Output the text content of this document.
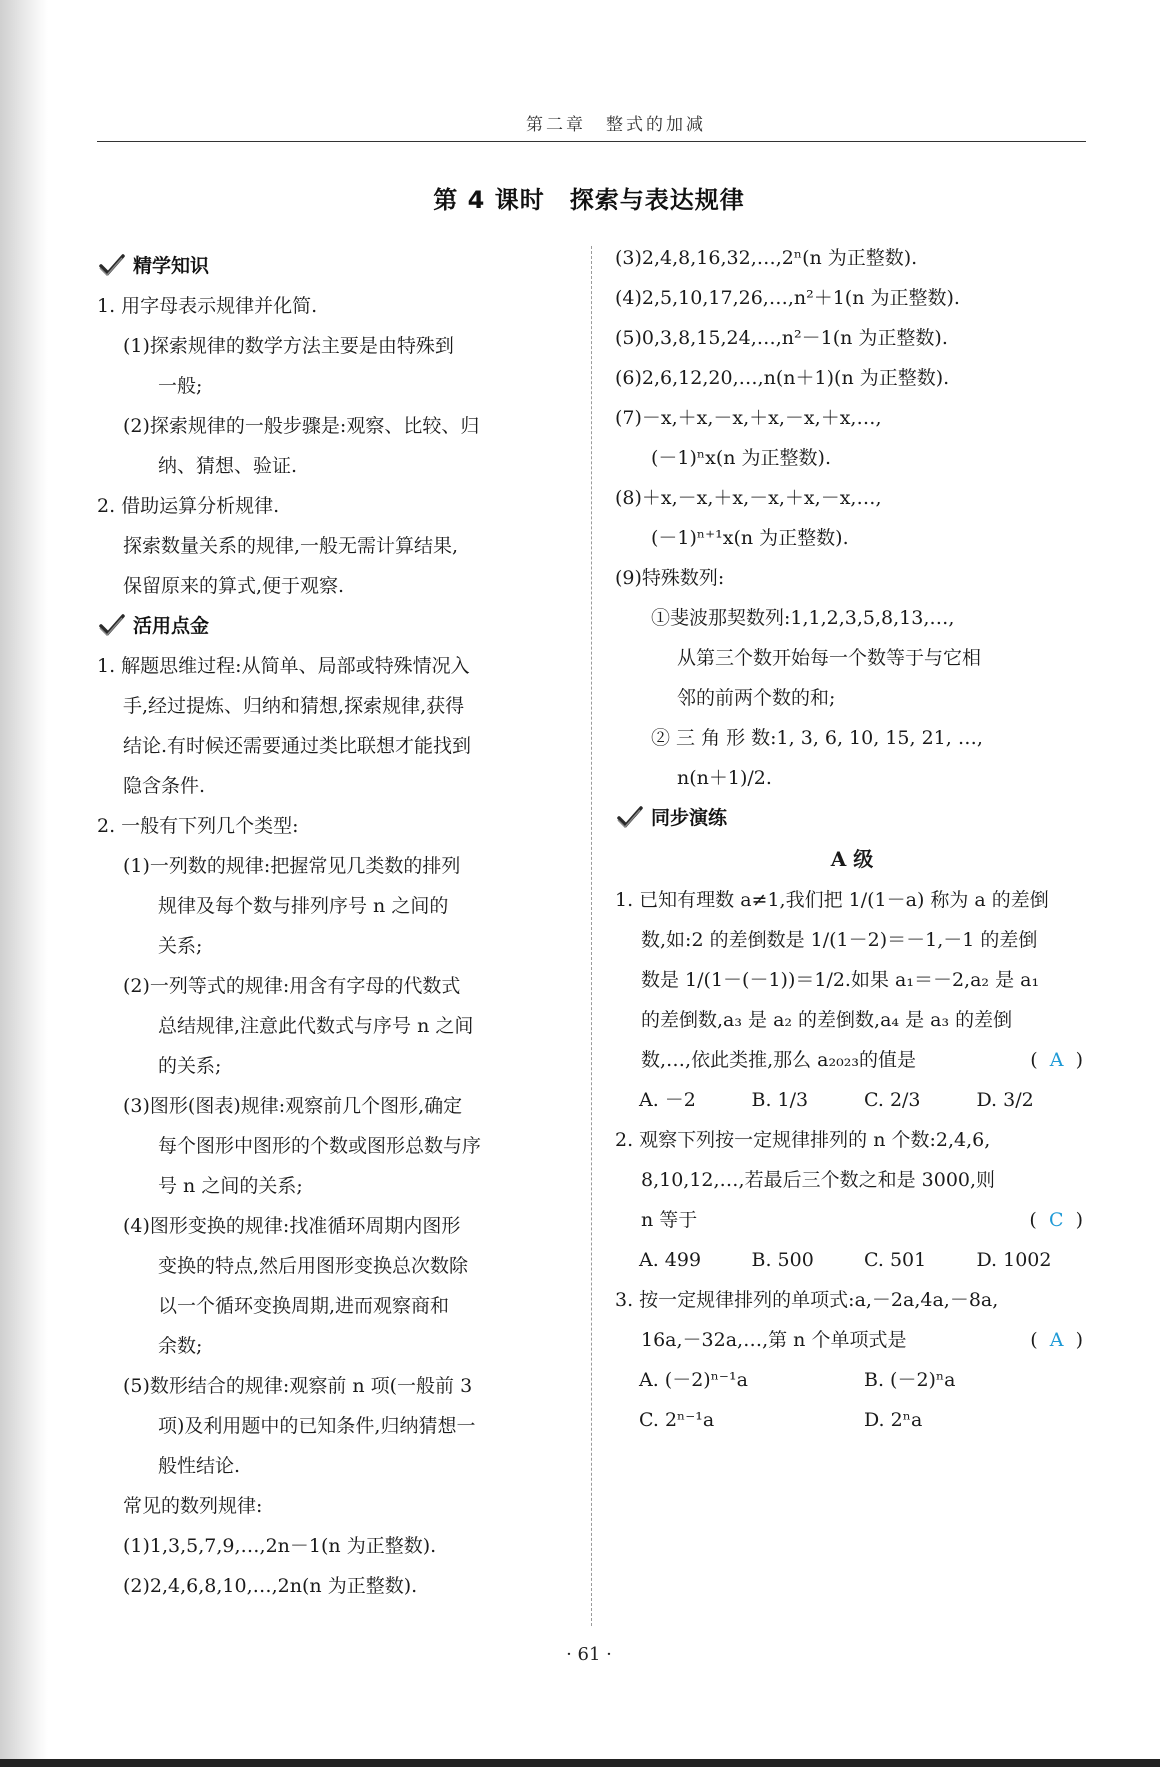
第二章　整式的加减
第 4 课时　探索与表达规律
精学知识
1. 用字母表示规律并化简.
(1)探索规律的数学方法主要是由特殊到
一般;
(2)探索规律的一般步骤是:观察、比较、归
纳、猜想、验证.
2. 借助运算分析规律.
探索数量关系的规律,一般无需计算结果,
保留原来的算式,便于观察.
活用点金
1. 解题思维过程:从简单、局部或特殊情况入
手,经过提炼、归纳和猜想,探索规律,获得
结论.有时候还需要通过类比联想才能找到
隐含条件.
2. 一般有下列几个类型:
(1)一列数的规律:把握常见几类数的排列
规律及每个数与排列序号 n 之间的
关系;
(2)一列等式的规律:用含有字母的代数式
总结规律,注意此代数式与序号 n 之间
的关系;
(3)图形(图表)规律:观察前几个图形,确定
每个图形中图形的个数或图形总数与序
号 n 之间的关系;
(4)图形变换的规律:找准循环周期内图形
变换的特点,然后用图形变换总次数除
以一个循环变换周期,进而观察商和
余数;
(5)数形结合的规律:观察前 n 项(一般前 3
项)及利用题中的已知条件,归纳猜想一
般性结论.
常见的数列规律:
(1)1,3,5,7,9,…,2n－1(n 为正整数).
(2)2,4,6,8,10,…,2n(n 为正整数).
(3)2,4,8,16,32,…,2ⁿ(n 为正整数).
(4)2,5,10,17,26,…,n²＋1(n 为正整数).
(5)0,3,8,15,24,…,n²－1(n 为正整数).
(6)2,6,12,20,…,n(n＋1)(n 为正整数).
(7)－x,＋x,－x,＋x,－x,＋x,…,
(－1)ⁿx(n 为正整数).
(8)＋x,－x,＋x,－x,＋x,－x,…,
(－1)ⁿ⁺¹x(n 为正整数).
(9)特殊数列:
①斐波那契数列:1,1,2,3,5,8,13,…,
从第三个数开始每一个数等于与它相
邻的前两个数的和;
② 三 角 形 数:1, 3, 6, 10, 15, 21, …,
n(n＋1)/2.
同步演练
A 级
1. 已知有理数 a≠1,我们把 1/(1－a) 称为 a 的差倒
数,如:2 的差倒数是 1/(1－2)＝－1,－1 的差倒
数是 1/(1－(－1))＝1/2.如果 a₁＝－2,a₂ 是 a₁
的差倒数,a₃ 是 a₂ 的差倒数,a₄ 是 a₃ 的差倒
数,…,依此类推,那么 a₂₀₂₃的值是	( A )
A. －2	B. 1/3	C. 2/3	D. 3/2
2. 观察下列按一定规律排列的 n 个数:2,4,6,
8,10,12,…,若最后三个数之和是 3000,则
n 等于	( C )
A. 499	B. 500	C. 501	D. 1002
3. 按一定规律排列的单项式:a,－2a,4a,－8a,
16a,－32a,…,第 n 个单项式是	( A )
A. (－2)ⁿ⁻¹a	B. (－2)ⁿa
C. 2ⁿ⁻¹a	D. 2ⁿa
· 61 ·
